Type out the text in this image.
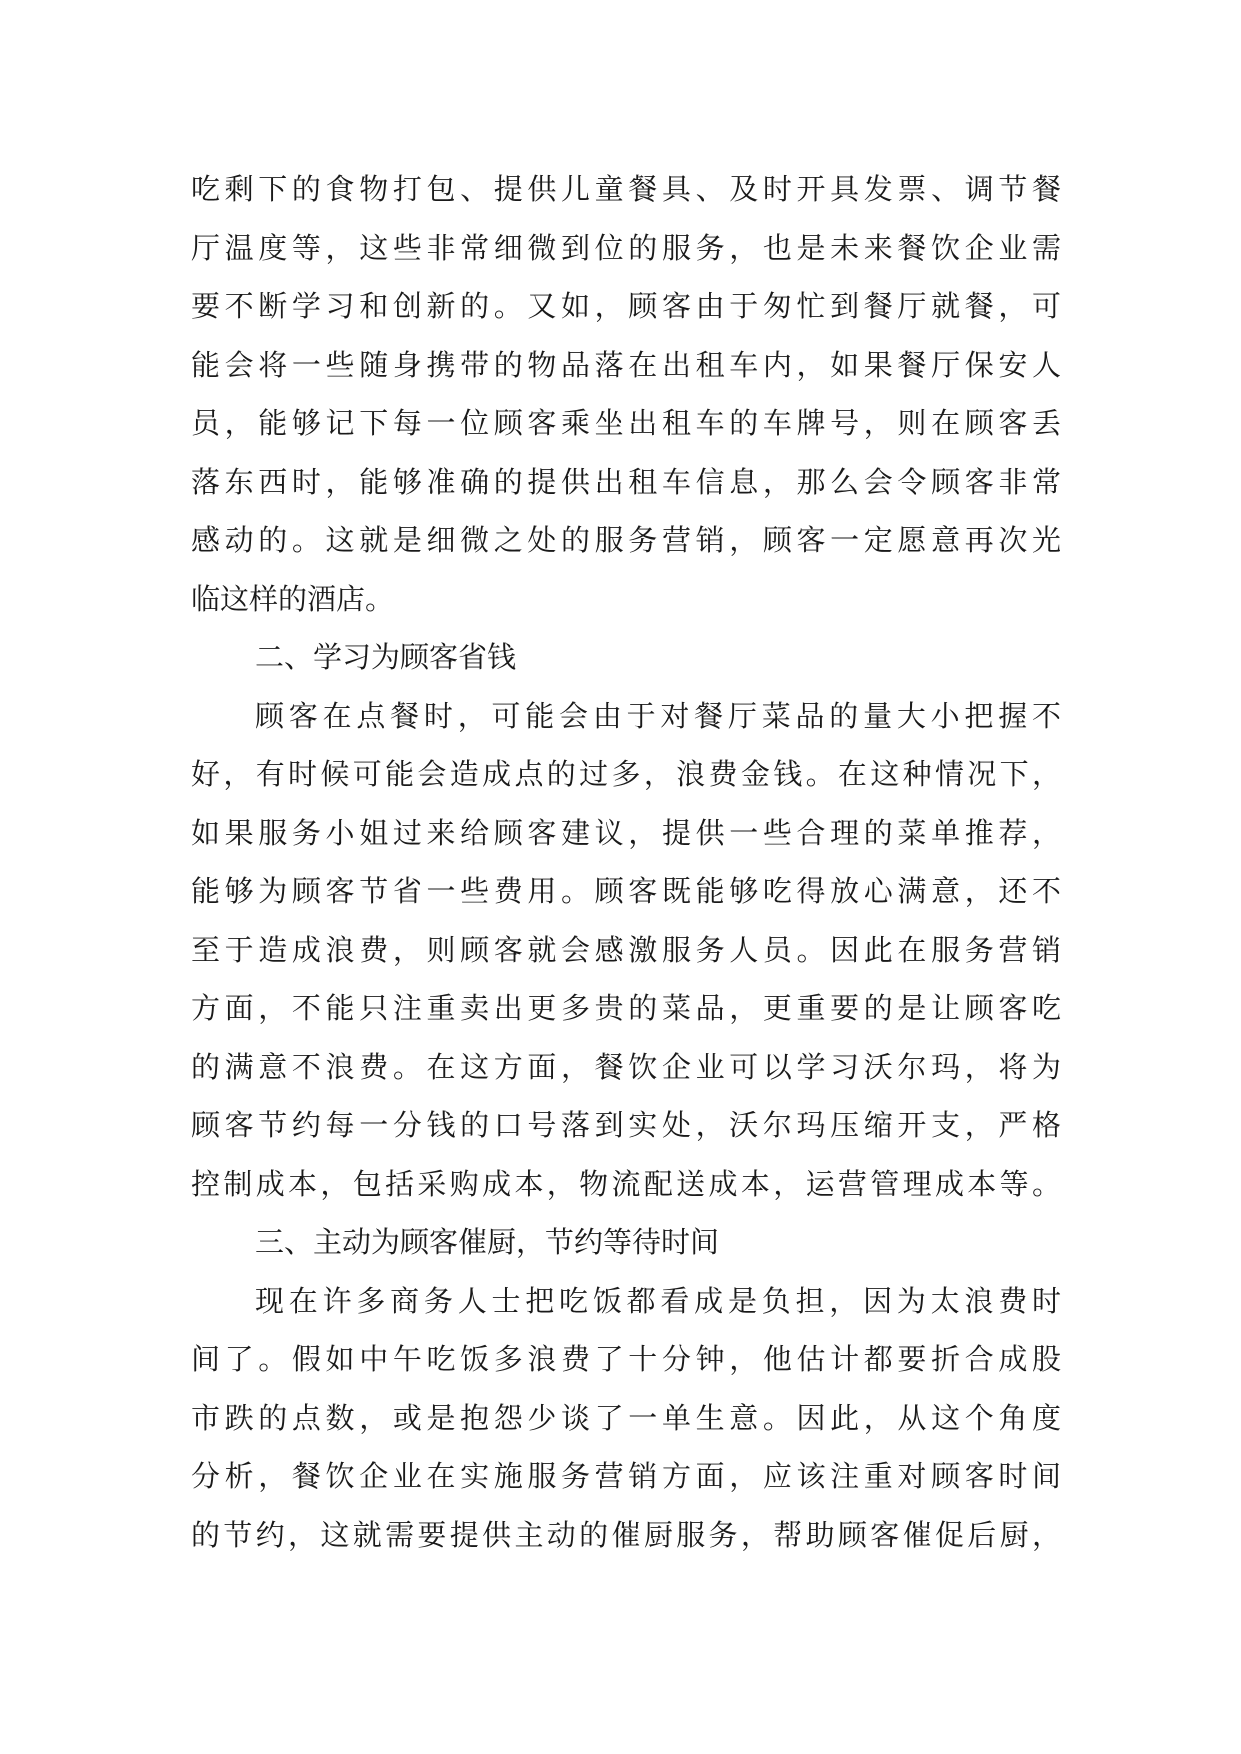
吃剩下的食物打包、提供儿童餐具、及时开具发票、调节餐
厅温度等，这些非常细微到位的服务，也是未来餐饮企业需
要不断学习和创新的。又如，顾客由于匆忙到餐厅就餐，可
能会将一些随身携带的物品落在出租车内，如果餐厅保安人
员，能够记下每一位顾客乘坐出租车的车牌号，则在顾客丢
落东西时，能够准确的提供出租车信息，那么会令顾客非常
感动的。这就是细微之处的服务营销，顾客一定愿意再次光
临这样的酒店。
二、学习为顾客省钱
顾客在点餐时，可能会由于对餐厅菜品的量大小把握不
好，有时候可能会造成点的过多，浪费金钱。在这种情况下，
如果服务小姐过来给顾客建议，提供一些合理的菜单推荐，
能够为顾客节省一些费用。顾客既能够吃得放心满意，还不
至于造成浪费，则顾客就会感激服务人员。因此在服务营销
方面，不能只注重卖出更多贵的菜品，更重要的是让顾客吃
的满意不浪费。在这方面，餐饮企业可以学习沃尔玛，将为
顾客节约每一分钱的口号落到实处，沃尔玛压缩开支，严格
控制成本，包括采购成本，物流配送成本，运营管理成本等。
三、主动为顾客催厨，节约等待时间
现在许多商务人士把吃饭都看成是负担，因为太浪费时
间了。假如中午吃饭多浪费了十分钟，他估计都要折合成股
市跌的点数，或是抱怨少谈了一单生意。因此，从这个角度
分析，餐饮企业在实施服务营销方面，应该注重对顾客时间
的节约，这就需要提供主动的催厨服务，帮助顾客催促后厨，
